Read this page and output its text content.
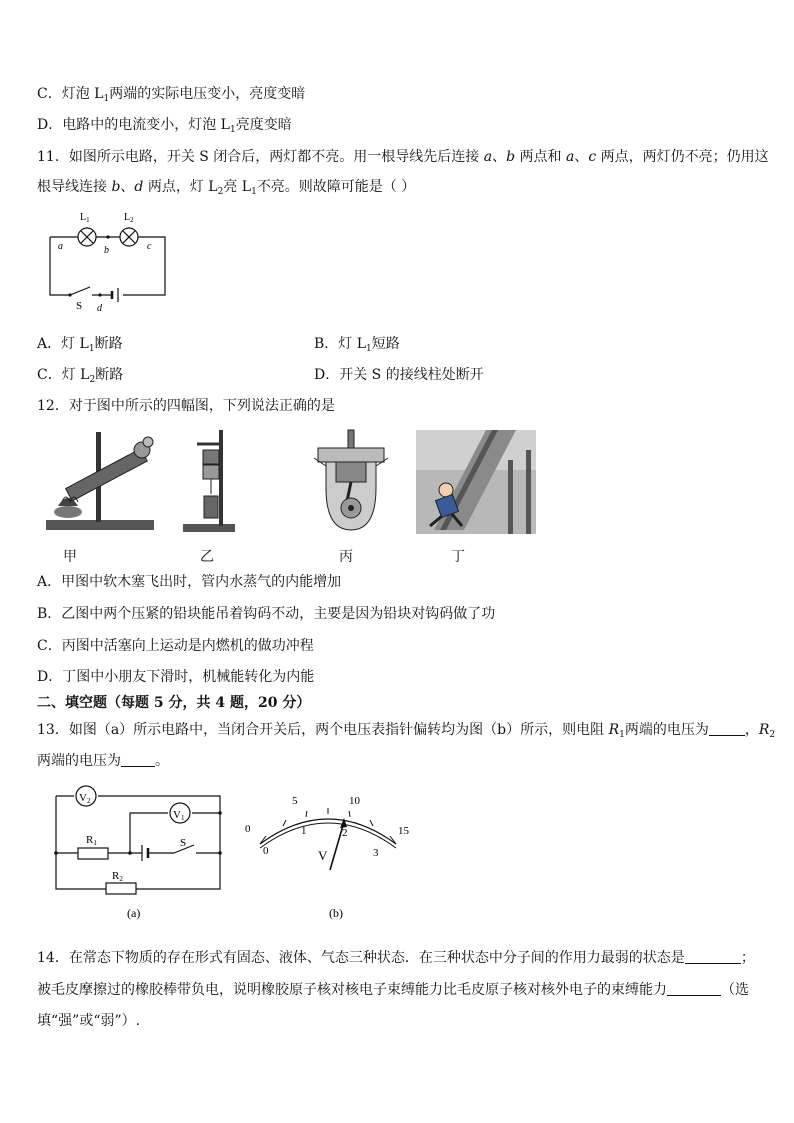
C．灯泡 $L_1$两端的实际电压变小，亮度变暗
D．电路中的电流变小，灯泡 $L_1$亮度变暗
11．如图所示电路，开关 S 闭合后，两灯都不亮。用一根导线先后连接 a、b 两点和 a、c 两点，两灯仍不亮；仍用这
根导线连接 b、d 两点，灯 $L_2$亮 $L_1$不亮。则故障可能是（ ）
$L_1$	$L_2$
a	b	c
S d
A．灯 $L_1$断路	B．灯 $L_1$短路
C．灯 $L_2$断路	D．开关 S 的接线柱处断开
12．对于图中所示的四幅图，下列说法正确的是
甲	乙	丙	丁
A．甲图中软木塞飞出时，管内水蒸气的内能增加
B．乙图中两个压紧的铅块能吊着钩码不动，主要是因为铅块对钩码做了功
C．丙图中活塞向上运动是内燃机的做功冲程
D．丁图中小朋友下滑时，机械能转化为内能
二、填空题（每题 5 分，共 4 题，20 分）
13．如图（a）所示电路中，当闭合开关后，两个电压表指针偏转均为图（b）所示，则电阻 $R_1$两端的电压为	，$R_2$
两端的电压为 。
V2
V1
R1	S
R2
(a)
0
5	10
15
0
1	2
3
V
(b)
14．在常态下物质的存在形式有固态、液体、气态三种状态．在三种状态中分子间的作用力最弱的状态是	；
被毛皮摩擦过的橡胶棒带负电，说明橡胶原子核对核电子束缚能力比毛皮原子核对核外电子的束缚能力	（选
填“强”或“弱”）.
